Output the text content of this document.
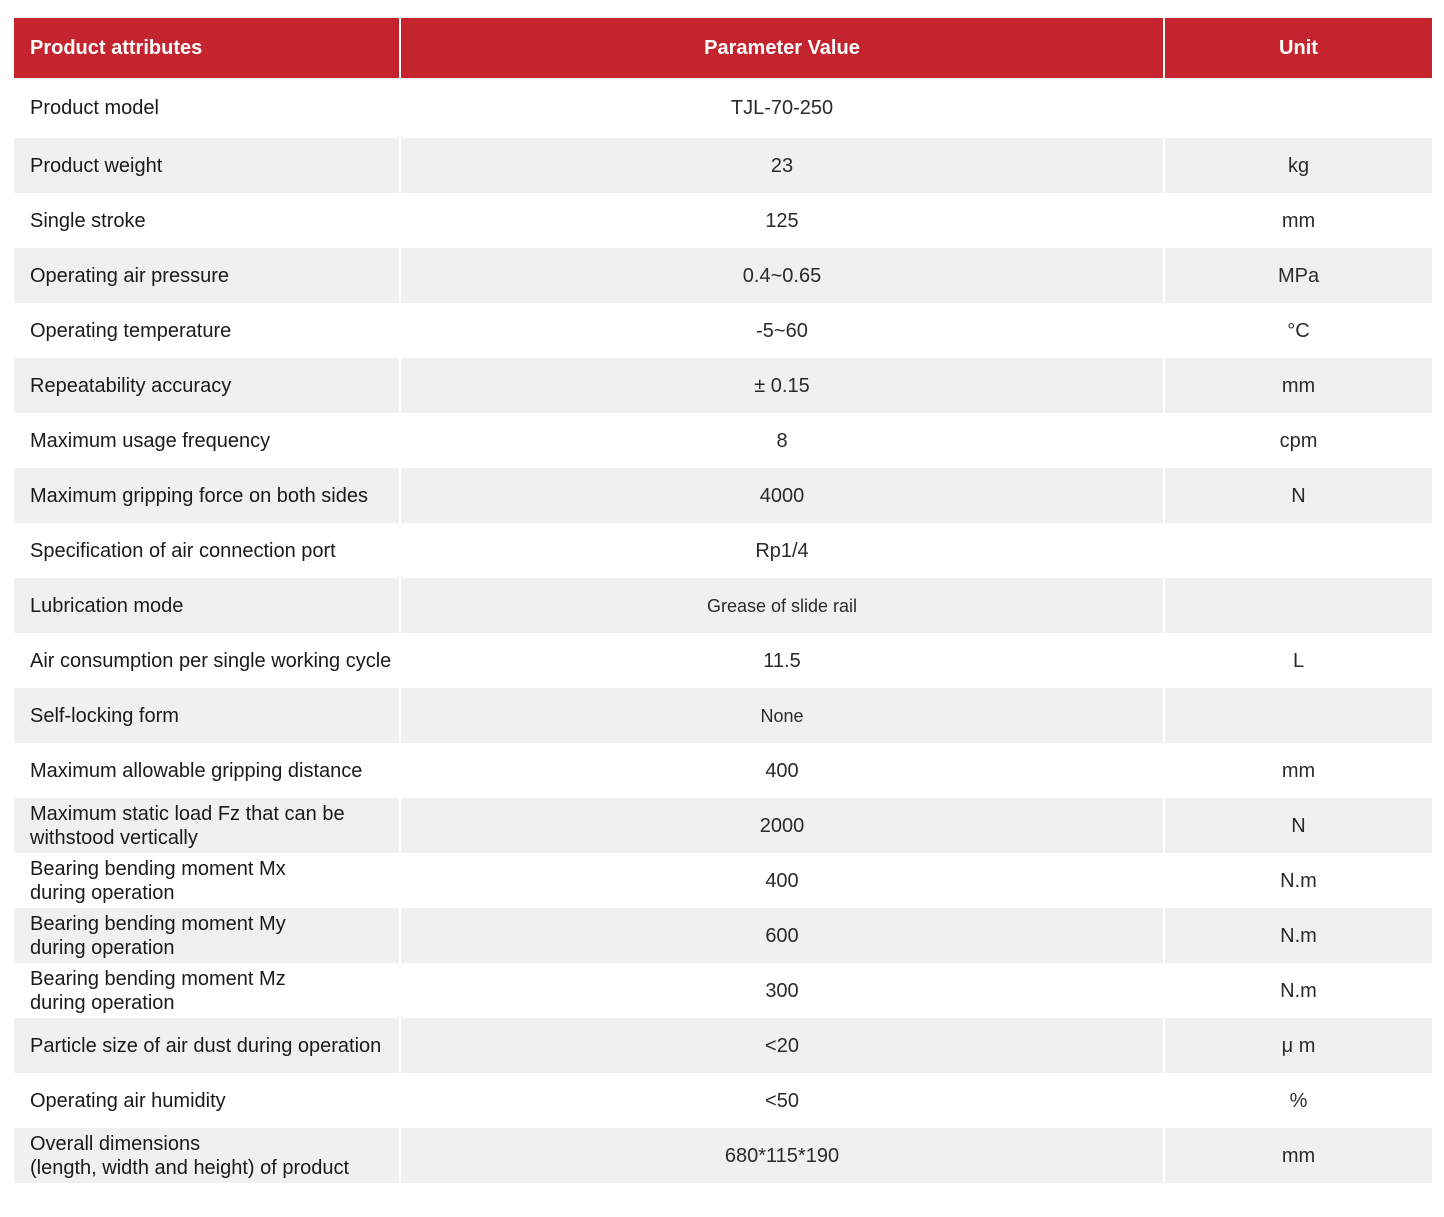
Product attributes	Parameter Value	Unit
Product model	TJL-70-250	
Product weight	23	kg
Single stroke	125	mm
Operating air pressure	0.4~0.65	MPa
Operating temperature	-5~60	°C
Repeatability accuracy	± 0.15	mm
Maximum usage frequency	8	cpm
Maximum gripping force on both sides	4000	N
Specification of air connection port	Rp1/4	
Lubrication mode	Grease of slide rail	
Air consumption per single working cycle	11.5	L
Self-locking form	None	
Maximum allowable gripping distance	400	mm
Maximum static load Fz that can be
withstood vertically	2000	N
Bearing bending moment Mx
during operation	400	N.m
Bearing bending moment My
during operation	600	N.m
Bearing bending moment Mz
during operation	300	N.m
Particle size of air dust during operation	<20	μ m
Operating air humidity	<50	%
Overall dimensions
(length, width and height) of product	680*115*190	mm
